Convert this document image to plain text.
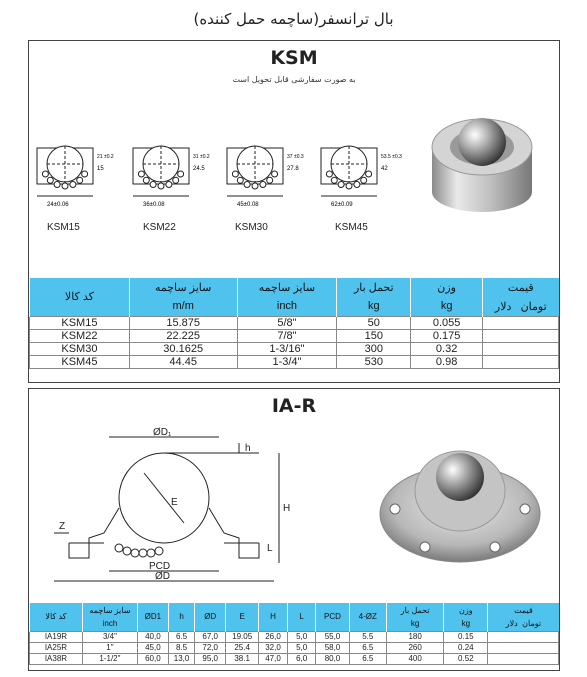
بال ترانسفر(ساچمه حمل کننده)
KSM
به صورت سفارشی قابل تحویل است
24±0.06
21 ±0.2
15
36±0.08
31 ±0.2
24.5
45±0.08
37 ±0.3
27.8
62±0.09
53.5 ±0.3
42
KSM15	KSM22	KSM30	KSM45
کد کالا	سایز ساچمه	سایز ساچمه	تحمل بار	وزن	قیمت
	m/m	inch	kg	kg	تومان   دلار
KSM15	15.875	5/8"	50	0.055	
KSM22	22.225	7/8"	150	0.175	
KSM30	30.1625	1-3/16"	300	0.32	
KSM45	44.45	1-3/4"	530	0.98	
IA-R
ØD₁
h
H
E
Z
L
PCD
ØD
کد کالا	سایز ساچمه	ØD1	h	ØD	E	H	L	PCD	4-ØZ	تحمل بار	وزن	قیمت
	inch									kg	kg	تومان  دلار
IA19R	3/4"	40,0	6.5	67,0	19.05	26,0	5,0	55,0	5.5	180	0.15	
IA25R	1"	45,0	8.5	72,0	25.4	32,0	5,0	58,0	6.5	260	0.24	
IA38R	1-1/2"	60,0	13,0	95,0	38.1	47,0	6,0	80,0	6.5	400	0.52	
